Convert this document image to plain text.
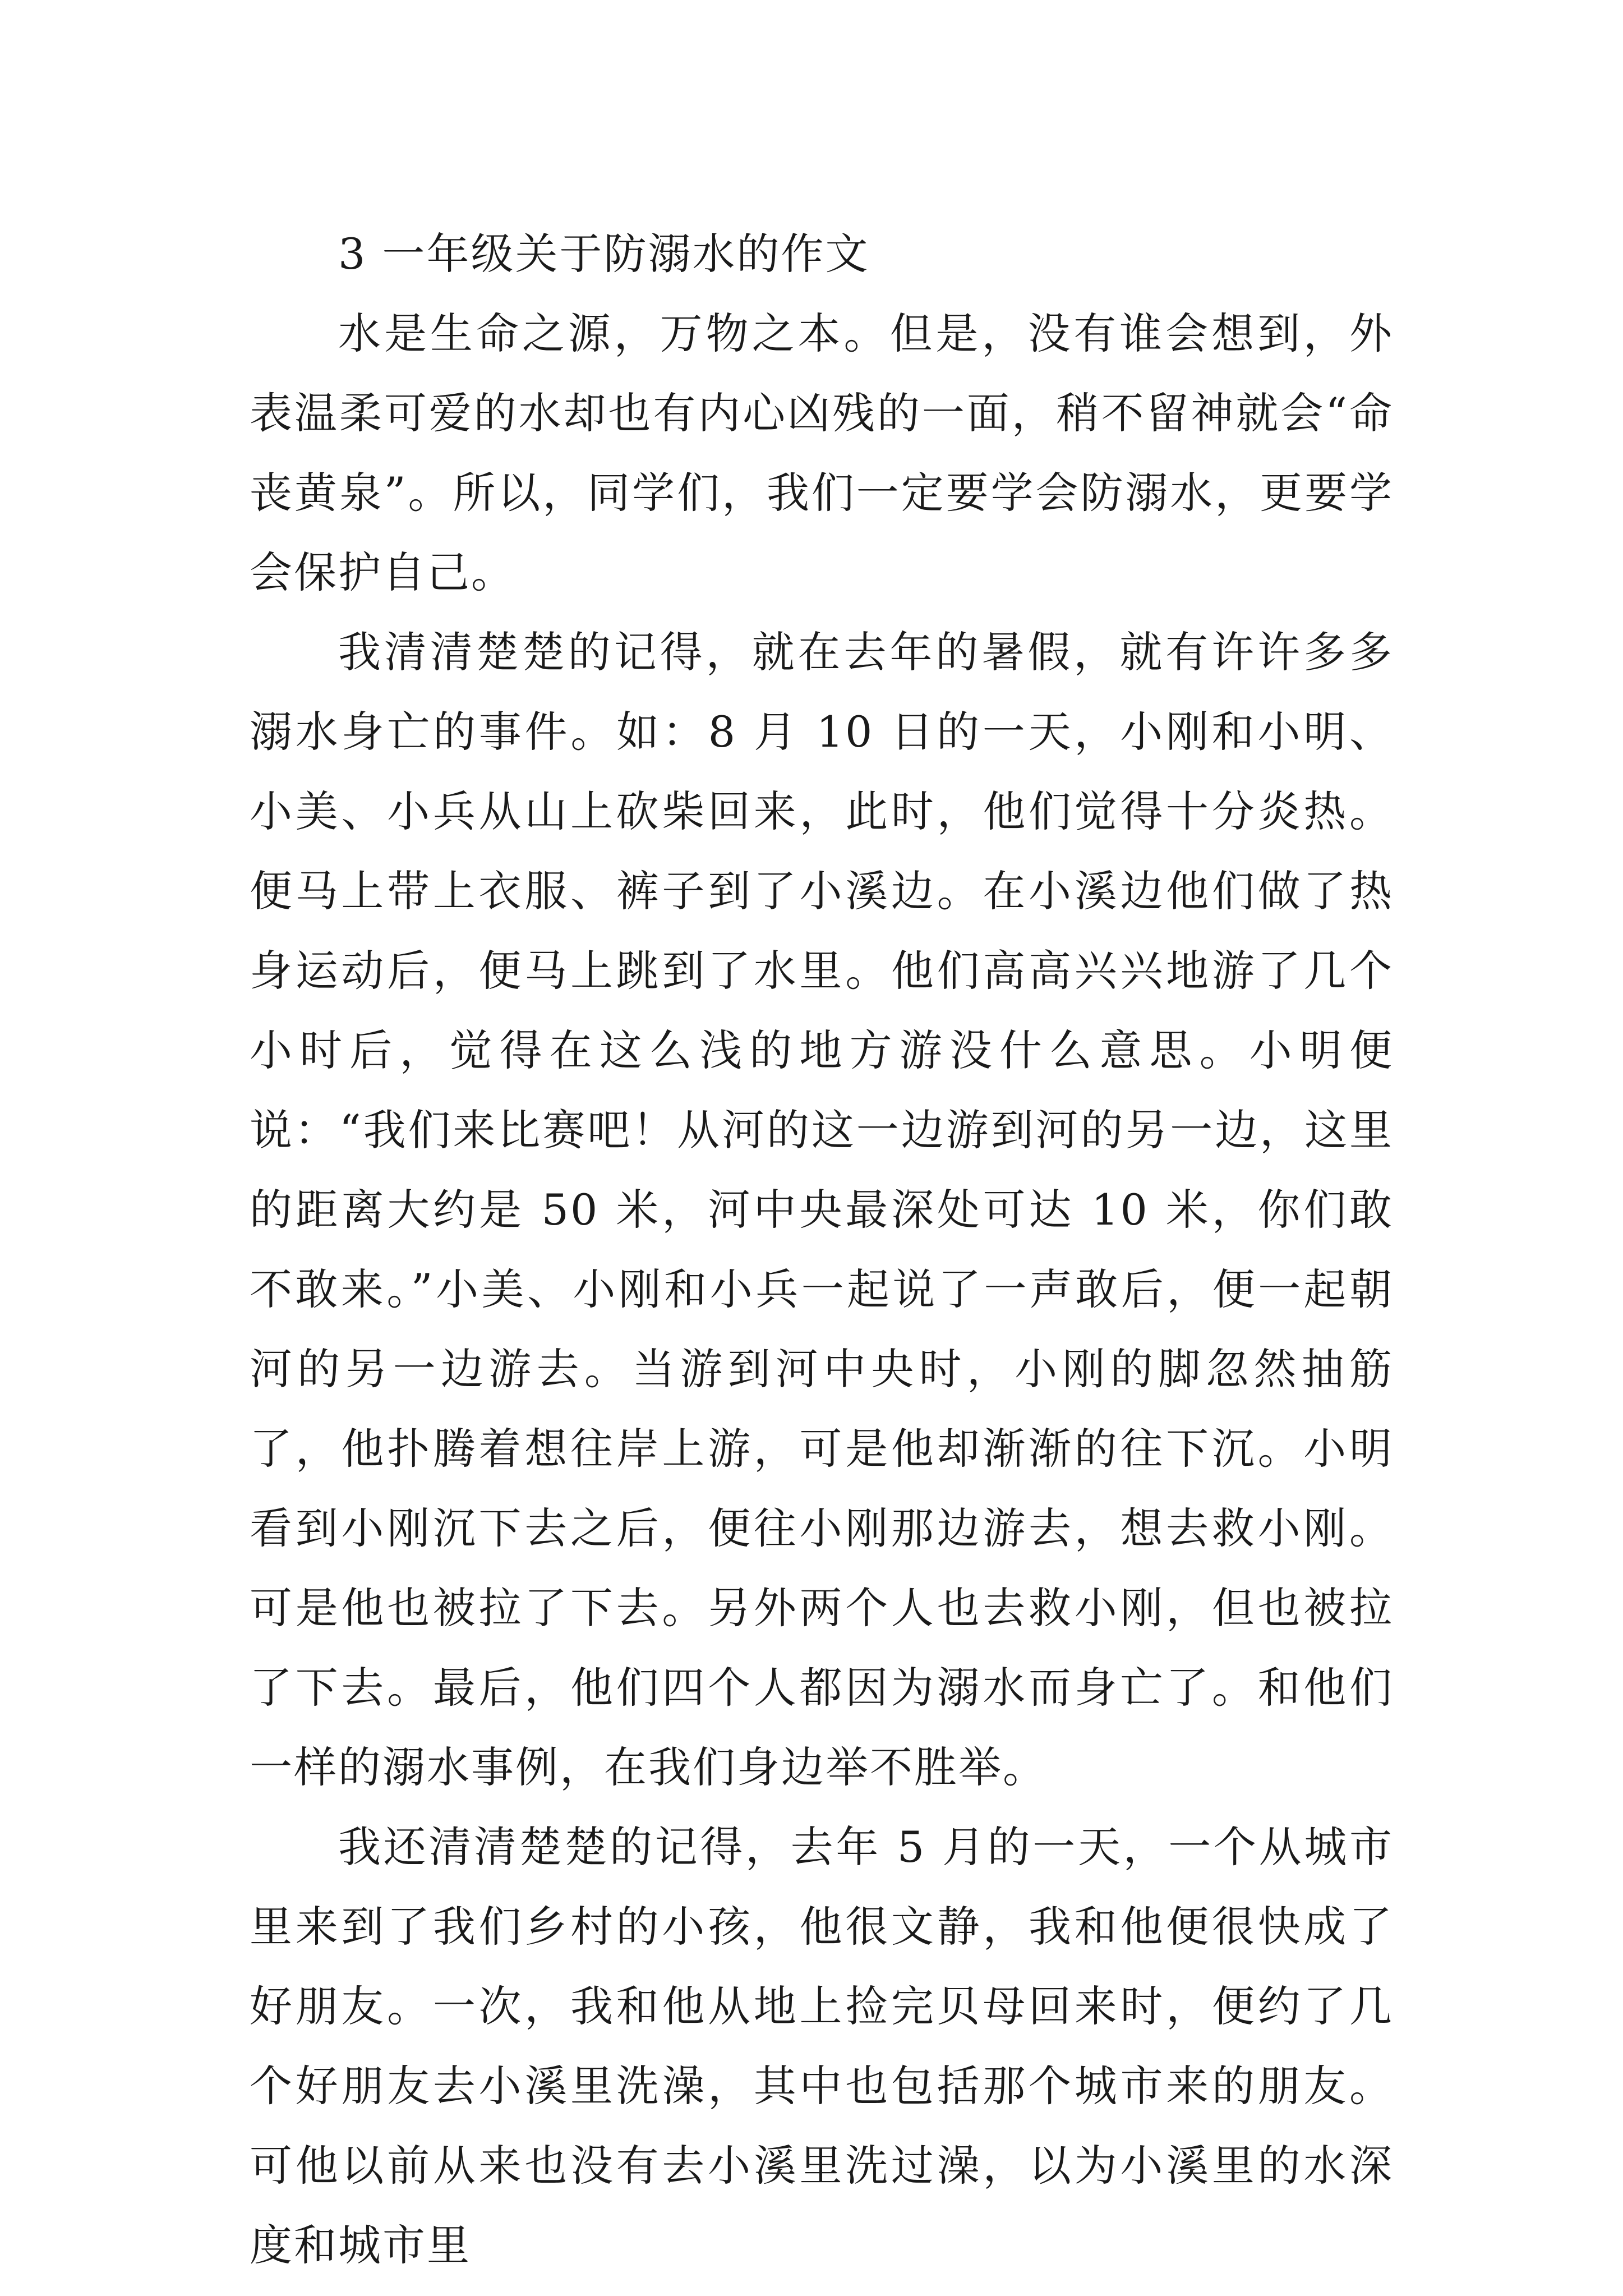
3 一年级关于防溺水的作文

水是生命之源，万物之本。但是，没有谁会想到，外表温柔可爱的水却也有内心凶残的一面，稍不留神就会“命丧黄泉”。所以，同学们，我们一定要学会防溺水，更要学会保护自己。

我清清楚楚的记得，就在去年的暑假，就有许许多多溺水身亡的事件。如：8 月 10 日的一天，小刚和小明、小美、小兵从山上砍柴回来，此时，他们觉得十分炎热。便马上带上衣服、裤子到了小溪边。在小溪边他们做了热身运动后，便马上跳到了水里。他们高高兴兴地游了几个小时后，觉得在这么浅的地方游没什么意思。小明便说：“我们来比赛吧！从河的这一边游到河的另一边，这里的距离大约是 50 米，河中央最深处可达 10 米，你们敢不敢来。”小美、小刚和小兵一起说了一声敢后，便一起朝河的另一边游去。当游到河中央时，小刚的脚忽然抽筋了，他扑腾着想往岸上游，可是他却渐渐的往下沉。小明看到小刚沉下去之后，便往小刚那边游去，想去救小刚。可是他也被拉了下去。另外两个人也去救小刚，但也被拉了下去。最后，他们四个人都因为溺水而身亡了。和他们一样的溺水事例，在我们身边举不胜举。

我还清清楚楚的记得，去年 5 月的一天，一个从城市里来到了我们乡村的小孩，他很文静，我和他便很快成了好朋友。一次，我和他从地上捡完贝母回来时，便约了几个好朋友去小溪里洗澡，其中也包括那个城市来的朋友。可他以前从来也没有去小溪里洗过澡，以为小溪里的水深度和城市里
